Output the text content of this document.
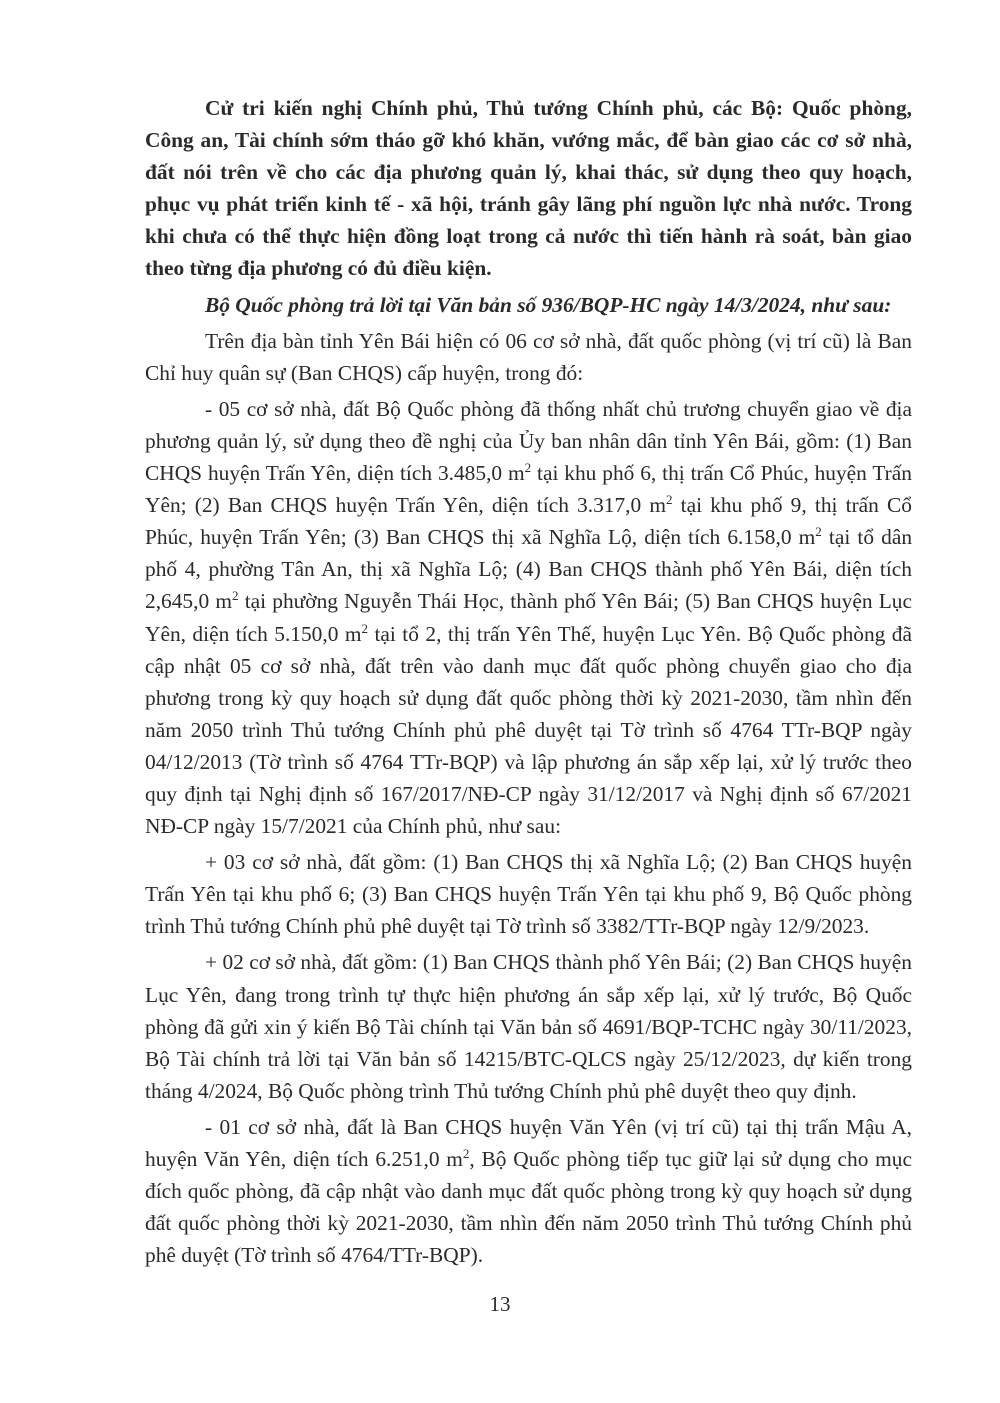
Cử tri kiến nghị Chính phủ, Thủ tướng Chính phủ, các Bộ: Quốc phòng, Công an, Tài chính sớm tháo gỡ khó khăn, vướng mắc, để bàn giao các cơ sở nhà, đất nói trên về cho các địa phương quản lý, khai thác, sử dụng theo quy hoạch, phục vụ phát triển kinh tế - xã hội, tránh gây lãng phí nguồn lực nhà nước. Trong khi chưa có thể thực hiện đồng loạt trong cả nước thì tiến hành rà soát, bàn giao theo từng địa phương có đủ điều kiện.

Bộ Quốc phòng trả lời tại Văn bản số 936/BQP-HC ngày 14/3/2024, như sau:

Trên địa bàn tỉnh Yên Bái hiện có 06 cơ sở nhà, đất quốc phòng (vị trí cũ) là Ban Chỉ huy quân sự (Ban CHQS) cấp huyện, trong đó:

- 05 cơ sở nhà, đất Bộ Quốc phòng đã thống nhất chủ trương chuyển giao về địa phương quản lý, sử dụng theo đề nghị của Ủy ban nhân dân tỉnh Yên Bái, gồm: (1) Ban CHQS huyện Trấn Yên, diện tích 3.485,0 $m^2$ tại khu phố 6, thị trấn Cổ Phúc, huyện Trấn Yên; (2) Ban CHQS huyện Trấn Yên, diện tích 3.317,0 $m^2$ tại khu phố 9, thị trấn Cổ Phúc, huyện Trấn Yên; (3) Ban CHQS thị xã Nghĩa Lộ, diện tích 6.158,0 $m^2$ tại tổ dân phố 4, phường Tân An, thị xã Nghĩa Lộ; (4) Ban CHQS thành phố Yên Bái, diện tích 2,645,0 $m^2$ tại phường Nguyễn Thái Học, thành phố Yên Bái; (5) Ban CHQS huyện Lục Yên, diện tích 5.150,0 $m^2$ tại tổ 2, thị trấn Yên Thế, huyện Lục Yên. Bộ Quốc phòng đã cập nhật 05 cơ sở nhà, đất trên vào danh mục đất quốc phòng chuyển giao cho địa phương trong kỳ quy hoạch sử dụng đất quốc phòng thời kỳ 2021-2030, tầm nhìn đến năm 2050 trình Thủ tướng Chính phủ phê duyệt tại Tờ trình số 4764 TTr-BQP ngày 04/12/2013 (Tờ trình số 4764 TTr-BQP) và lập phương án sắp xếp lại, xử lý trước theo quy định tại Nghị định số 167/2017/NĐ-CP ngày 31/12/2017 và Nghị định số 67/2021 NĐ-CP ngày 15/7/2021 của Chính phủ, như sau:

+ 03 cơ sở nhà, đất gồm: (1) Ban CHQS thị xã Nghĩa Lộ; (2) Ban CHQS huyện Trấn Yên tại khu phố 6; (3) Ban CHQS huyện Trấn Yên tại khu phố 9, Bộ Quốc phòng trình Thủ tướng Chính phủ phê duyệt tại Tờ trình số 3382/TTr-BQP ngày 12/9/2023.

+ 02 cơ sở nhà, đất gồm: (1) Ban CHQS thành phố Yên Bái; (2) Ban CHQS huyện Lục Yên, đang trong trình tự thực hiện phương án sắp xếp lại, xử lý trước, Bộ Quốc phòng đã gửi xin ý kiến Bộ Tài chính tại Văn bản số 4691/BQP-TCHC ngày 30/11/2023, Bộ Tài chính trả lời tại Văn bản số 14215/BTC-QLCS ngày 25/12/2023, dự kiến trong tháng 4/2024, Bộ Quốc phòng trình Thủ tướng Chính phủ phê duyệt theo quy định.

- 01 cơ sở nhà, đất là Ban CHQS huyện Văn Yên (vị trí cũ) tại thị trấn Mậu A, huyện Văn Yên, diện tích 6.251,0 $m^2$, Bộ Quốc phòng tiếp tục giữ lại sử dụng cho mục đích quốc phòng, đã cập nhật vào danh mục đất quốc phòng trong kỳ quy hoạch sử dụng đất quốc phòng thời kỳ 2021-2030, tầm nhìn đến năm 2050 trình Thủ tướng Chính phủ phê duyệt (Tờ trình số 4764/TTr-BQP).

13
